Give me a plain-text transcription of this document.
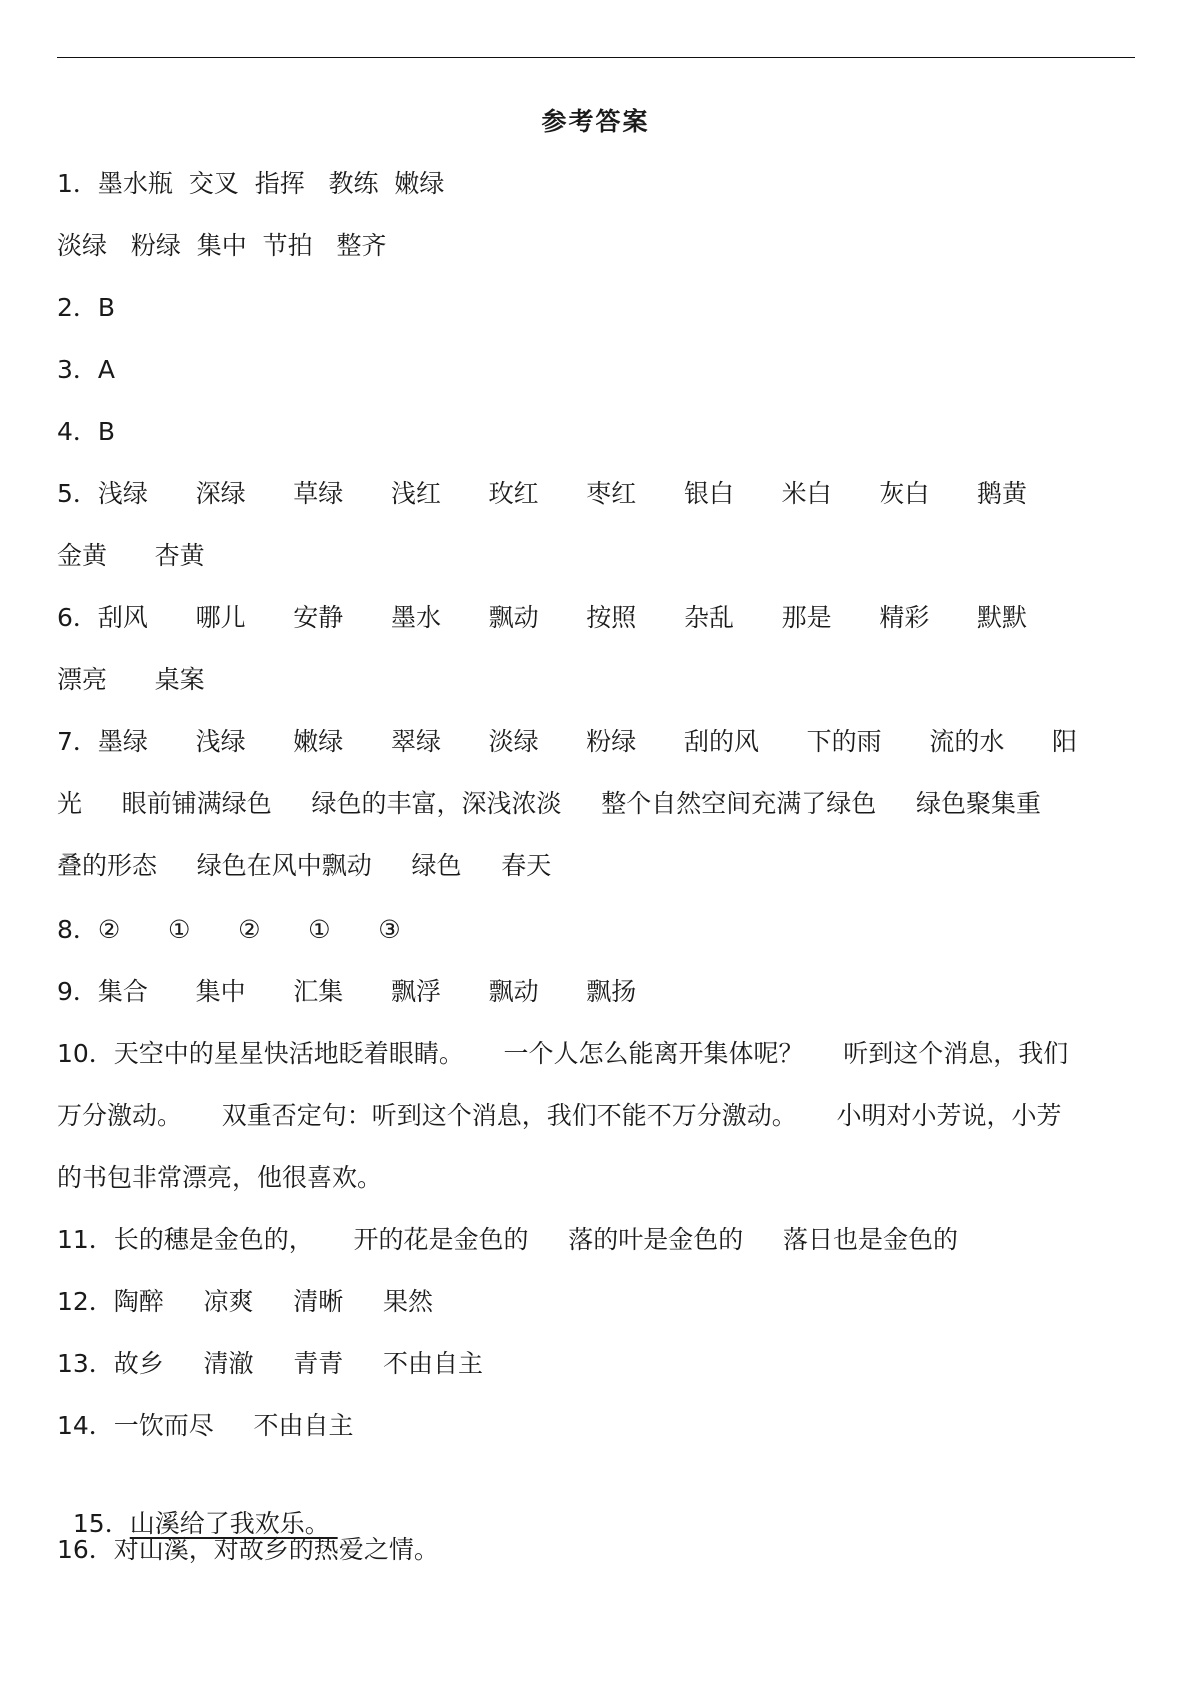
参考答案
1．墨水瓶  交叉  指挥   教练  嫩绿
淡绿   粉绿  集中  节拍   整齐
2．B
3．A
4．B
5．浅绿      深绿      草绿      浅红      玫红      枣红      银白      米白      灰白      鹅黄
金黄      杏黄
6．刮风      哪儿      安静      墨水      飘动      按照      杂乱      那是      精彩      默默
漂亮      桌案
7．墨绿      浅绿      嫩绿      翠绿      淡绿      粉绿      刮的风      下的雨      流的水      阳
光     眼前铺满绿色     绿色的丰富，深浅浓淡     整个自然空间充满了绿色     绿色聚集重
叠的形态     绿色在风中飘动     绿色     春天
8．②      ①      ②      ①      ③
9．集合      集中      汇集      飘浮      飘动      飘扬
10．天空中的星星快活地眨着眼睛。     一个人怎么能离开集体呢？     听到这个消息，我们
万分激动。     双重否定句：听到这个消息，我们不能不万分激动。     小明对小芳说，小芳
的书包非常漂亮，他很喜欢。
11．长的穗是金色的，     开的花是金色的     落的叶是金色的     落日也是金色的
12．陶醉     凉爽     清晰     果然
13．故乡     清澈     青青     不由自主
14．一饮而尽     不由自主

15．山溪给了我欢乐。

16．对山溪，对故乡的热爱之情。
